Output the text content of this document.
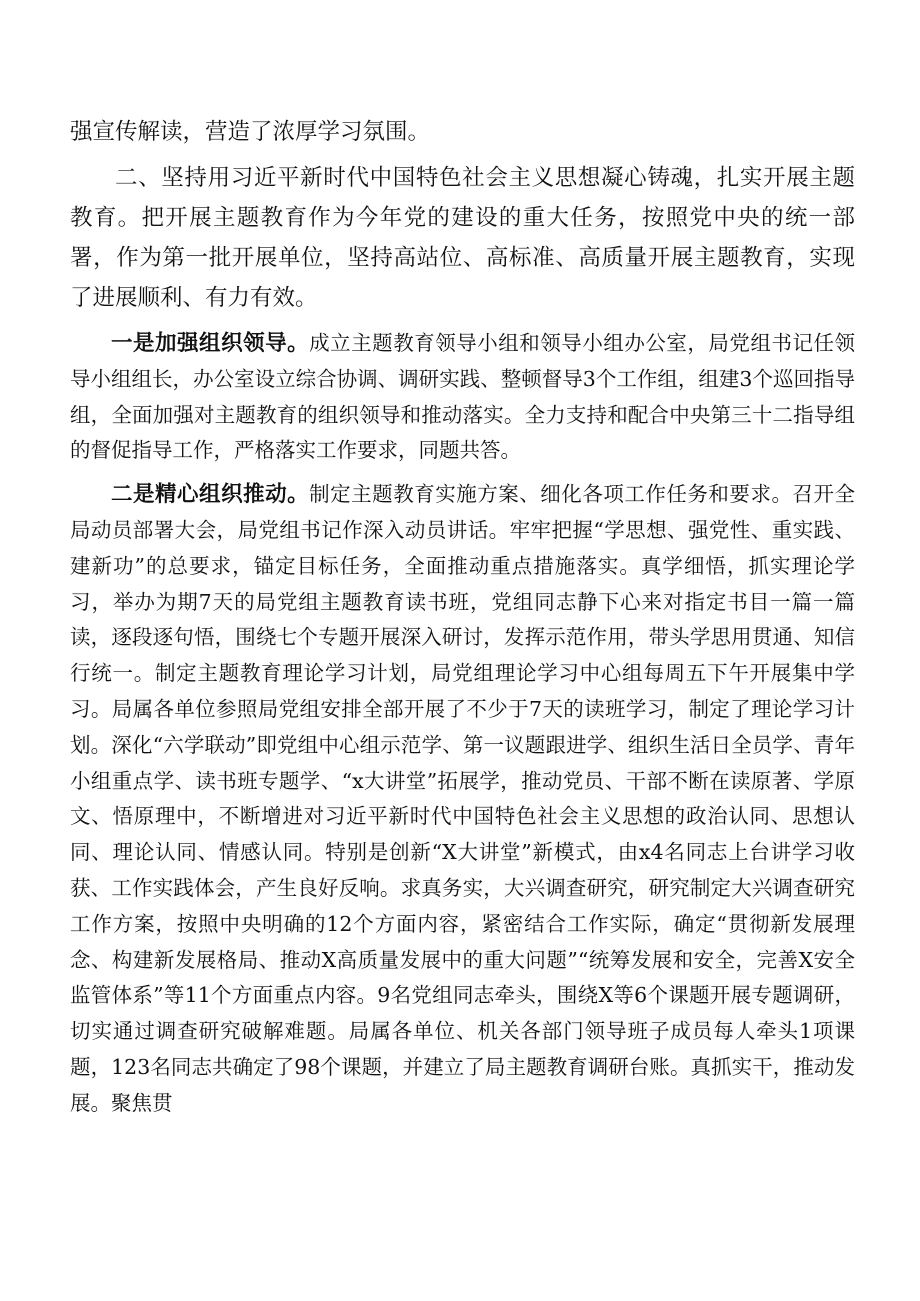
强宣传解读，营造了浓厚学习氛围。

二、坚持用习近平新时代中国特色社会主义思想凝心铸魂，扎实开展主题教育。把开展主题教育作为今年党的建设的重大任务，按照党中央的统一部署，作为第一批开展单位，坚持高站位、高标准、高质量开展主题教育，实现了进展顺利、有力有效。

一是加强组织领导。成立主题教育领导小组和领导小组办公室，局党组书记任领导小组组长，办公室设立综合协调、调研实践、整顿督导3个工作组，组建3个巡回指导组，全面加强对主题教育的组织领导和推动落实。全力支持和配合中央第三十二指导组的督促指导工作，严格落实工作要求，同题共答。

二是精心组织推动。制定主题教育实施方案、细化各项工作任务和要求。召开全局动员部署大会，局党组书记作深入动员讲话。牢牢把握“学思想、强党性、重实践、建新功”的总要求，锚定目标任务，全面推动重点措施落实。真学细悟，抓实理论学习，举办为期7天的局党组主题教育读书班，党组同志静下心来对指定书目一篇一篇读，逐段逐句悟，围绕七个专题开展深入研讨，发挥示范作用，带头学思用贯通、知信行统一。制定主题教育理论学习计划，局党组理论学习中心组每周五下午开展集中学习。局属各单位参照局党组安排全部开展了不少于7天的读班学习，制定了理论学习计划。深化“六学联动”即党组中心组示范学、第一议题跟进学、组织生活日全员学、青年小组重点学、读书班专题学、“x大讲堂”拓展学，推动党员、干部不断在读原著、学原文、悟原理中，不断增进对习近平新时代中国特色社会主义思想的政治认同、思想认同、理论认同、情感认同。特别是创新“X大讲堂”新模式，由x4名同志上台讲学习收获、工作实践体会，产生良好反响。求真务实，大兴调查研究，研究制定大兴调查研究工作方案，按照中央明确的12个方面内容，紧密结合工作实际，确定“贯彻新发展理念、构建新发展格局、推动X高质量发展中的重大问题”“统筹发展和安全，完善X安全监管体系”等11个方面重点内容。9名党组同志牵头，围绕X等6个课题开展专题调研，切实通过调查研究破解难题。局属各单位、机关各部门领导班子成员每人牵头1项课题，123名同志共确定了98个课题，并建立了局主题教育调研台账。真抓实干，推动发展。聚焦贯
